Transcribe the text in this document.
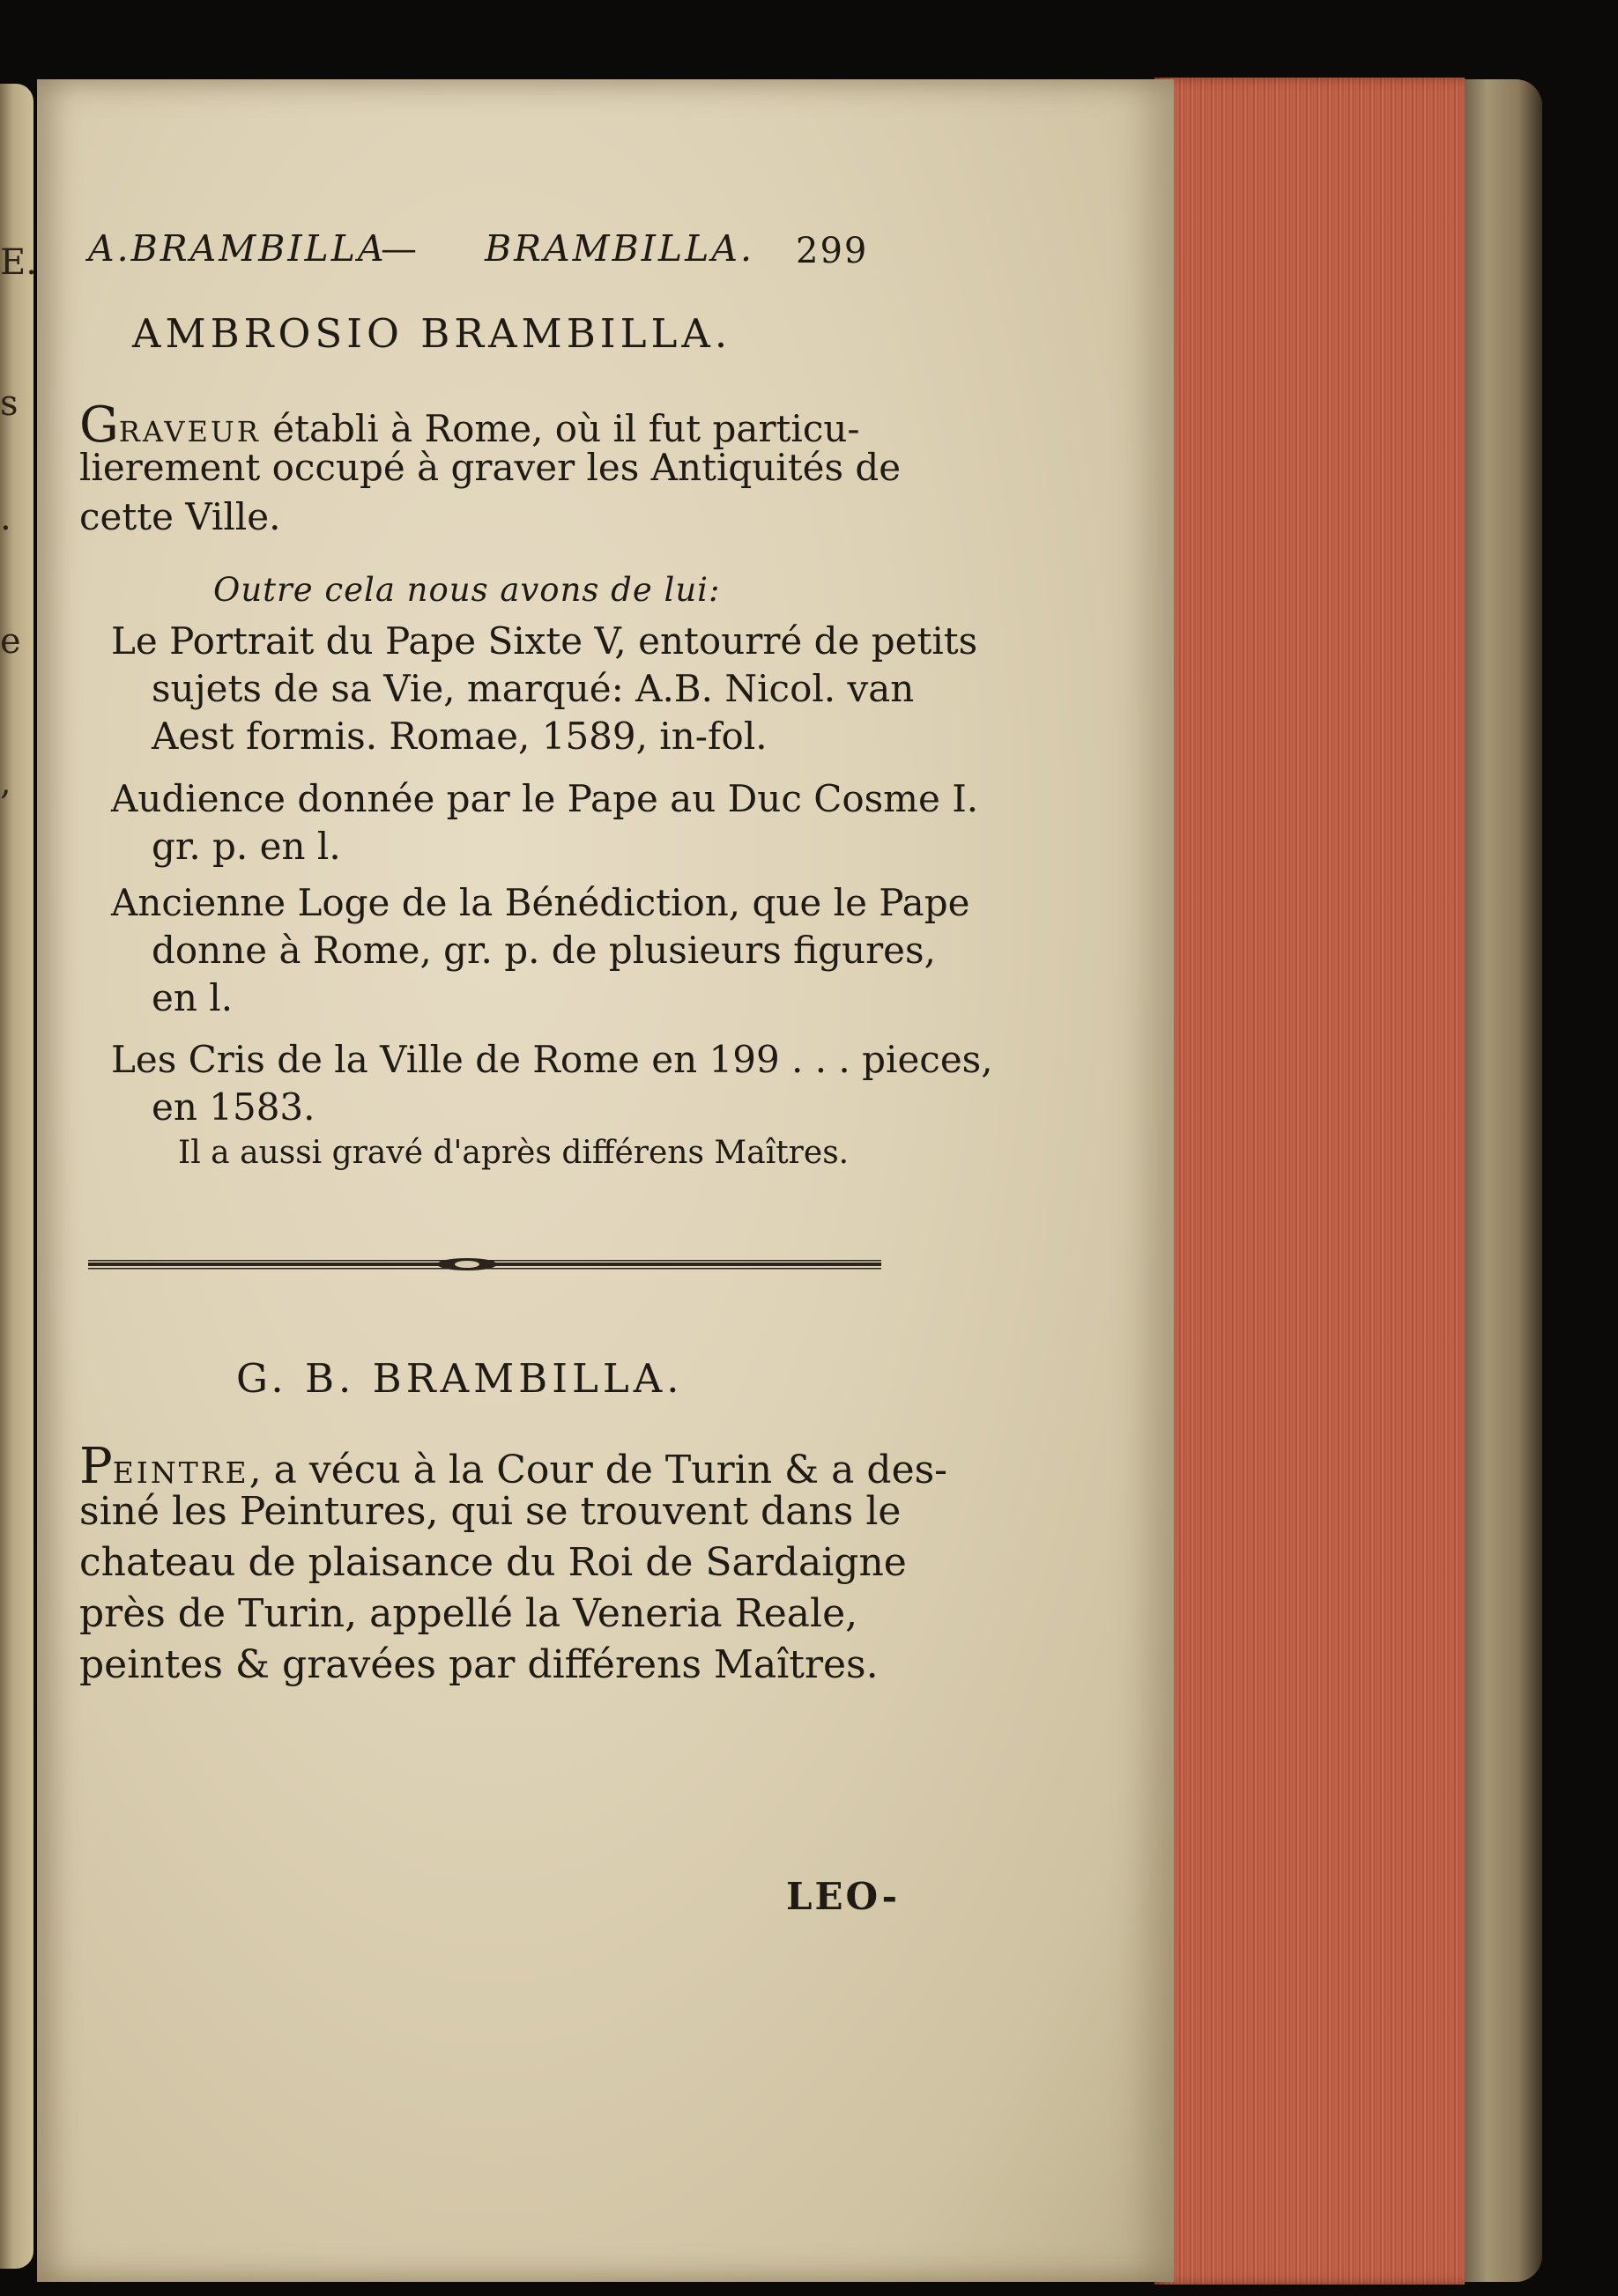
E.
s
.
e
,
A.BRAMBILLA
— BRAMBILLA. 299
AMBROSIO BRAMBILLA.
GRAVEUR établi à Rome, où il fut particu-
lierement occupé à graver les Antiquités de
cette Ville.
Outre cela nous avons de lui:
Le Portrait du Pape Sixte V, entourré de petits
sujets de sa Vie, marqué: A.B. Nicol. van
Aest formis. Romae, 1589, in-fol.
Audience donnée par le Pape au Duc Cosme I.
gr. p. en l.
Ancienne Loge de la Bénédiction, que le Pape
donne à Rome, gr. p. de plusieurs figures,
en l.
Les Cris de la Ville de Rome en 199 . . . pieces,
en 1583.
Il a aussi gravé d'après différens Maîtres.
G. B. BRAMBILLA.
PEINTRE, a vécu à la Cour de Turin & a des-
siné les Peintures, qui se trouvent dans le
chateau de plaisance du Roi de Sardaigne
près de Turin, appellé la Veneria Reale,
peintes & gravées par différens Maîtres.
LEO-
